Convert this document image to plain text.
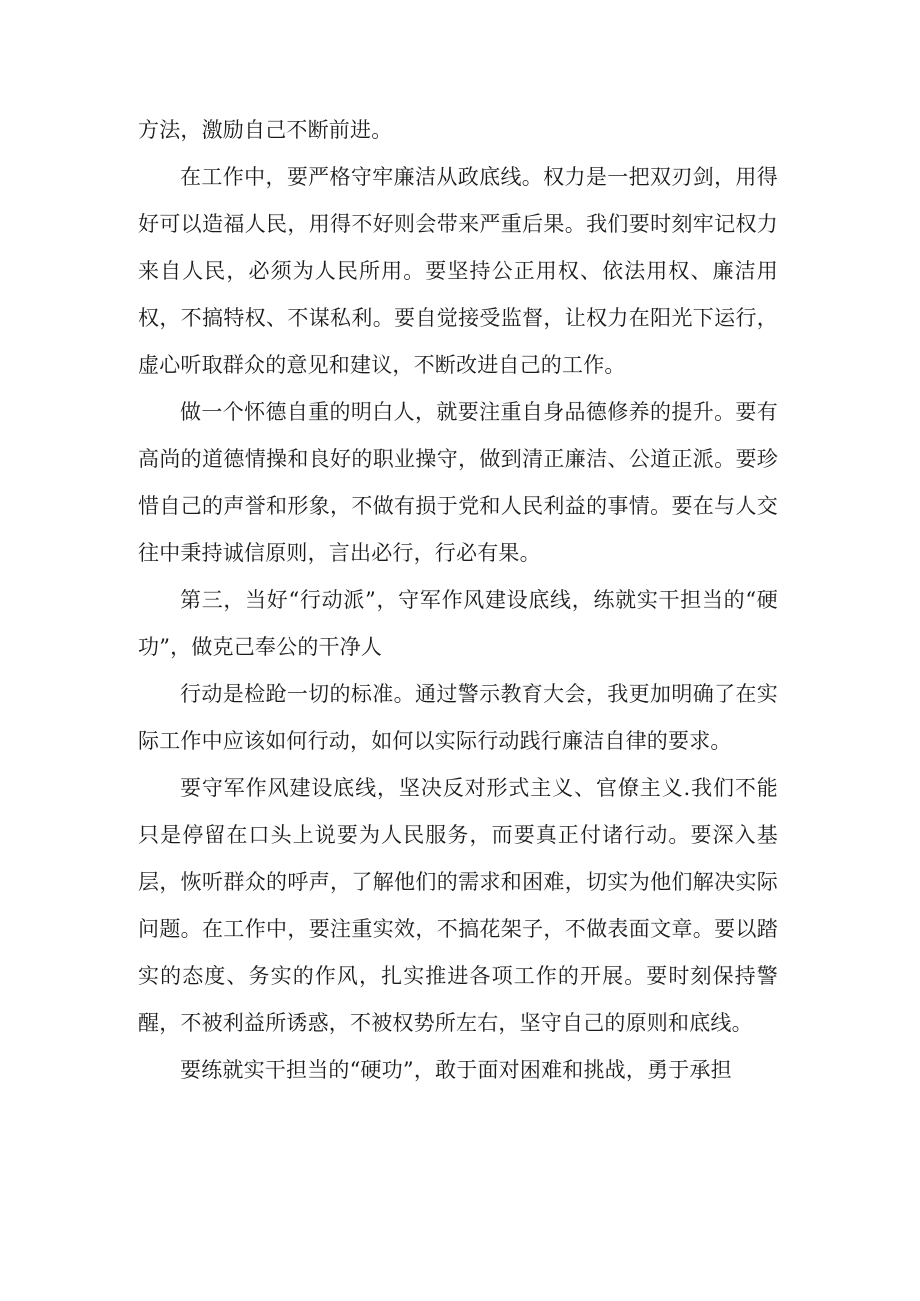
方法，激励自己不断前进。

在工作中，要严格守牢廉洁从政底线。权力是一把双刃剑，用得好可以造福人民，用得不好则会带来严重后果。我们要时刻牢记权力来自人民，必须为人民所用。要坚持公正用权、依法用权、廉洁用权，不搞特权、不谋私利。要自觉接受监督，让权力在阳光下运行，虚心听取群众的意见和建议，不断改进自己的工作。

做一个怀德自重的明白人，就要注重自身品德修养的提升。要有高尚的道德情操和良好的职业操守，做到清正廉洁、公道正派。要珍惜自己的声誉和形象，不做有损于党和人民利益的事情。要在与人交往中秉持诚信原则，言出必行，行必有果。

第三，当好“行动派”，守军作风建设底线，练就实干担当的“硬功”，做克己奉公的干净人

行动是检跄一切的标准。通过警示教育大会，我更加明确了在实际工作中应该如何行动，如何以实际行动践行廉洁自律的要求。

要守军作风建设底线，坚决反对形式主义、官僚主义.我们不能只是停留在口头上说要为人民服务，而要真正付诸行动。要深入基层，恢听群众的呼声，了解他们的需求和困难，切实为他们解决实际问题。在工作中，要注重实效，不搞花架子，不做表面文章。要以踏实的态度、务实的作风，扎实推进各项工作的开展。要时刻保持警醒，不被利益所诱惑，不被权势所左右，坚守自己的原则和底线。

要练就实干担当的“硬功”，敢于面对困难和挑战，勇于承担
